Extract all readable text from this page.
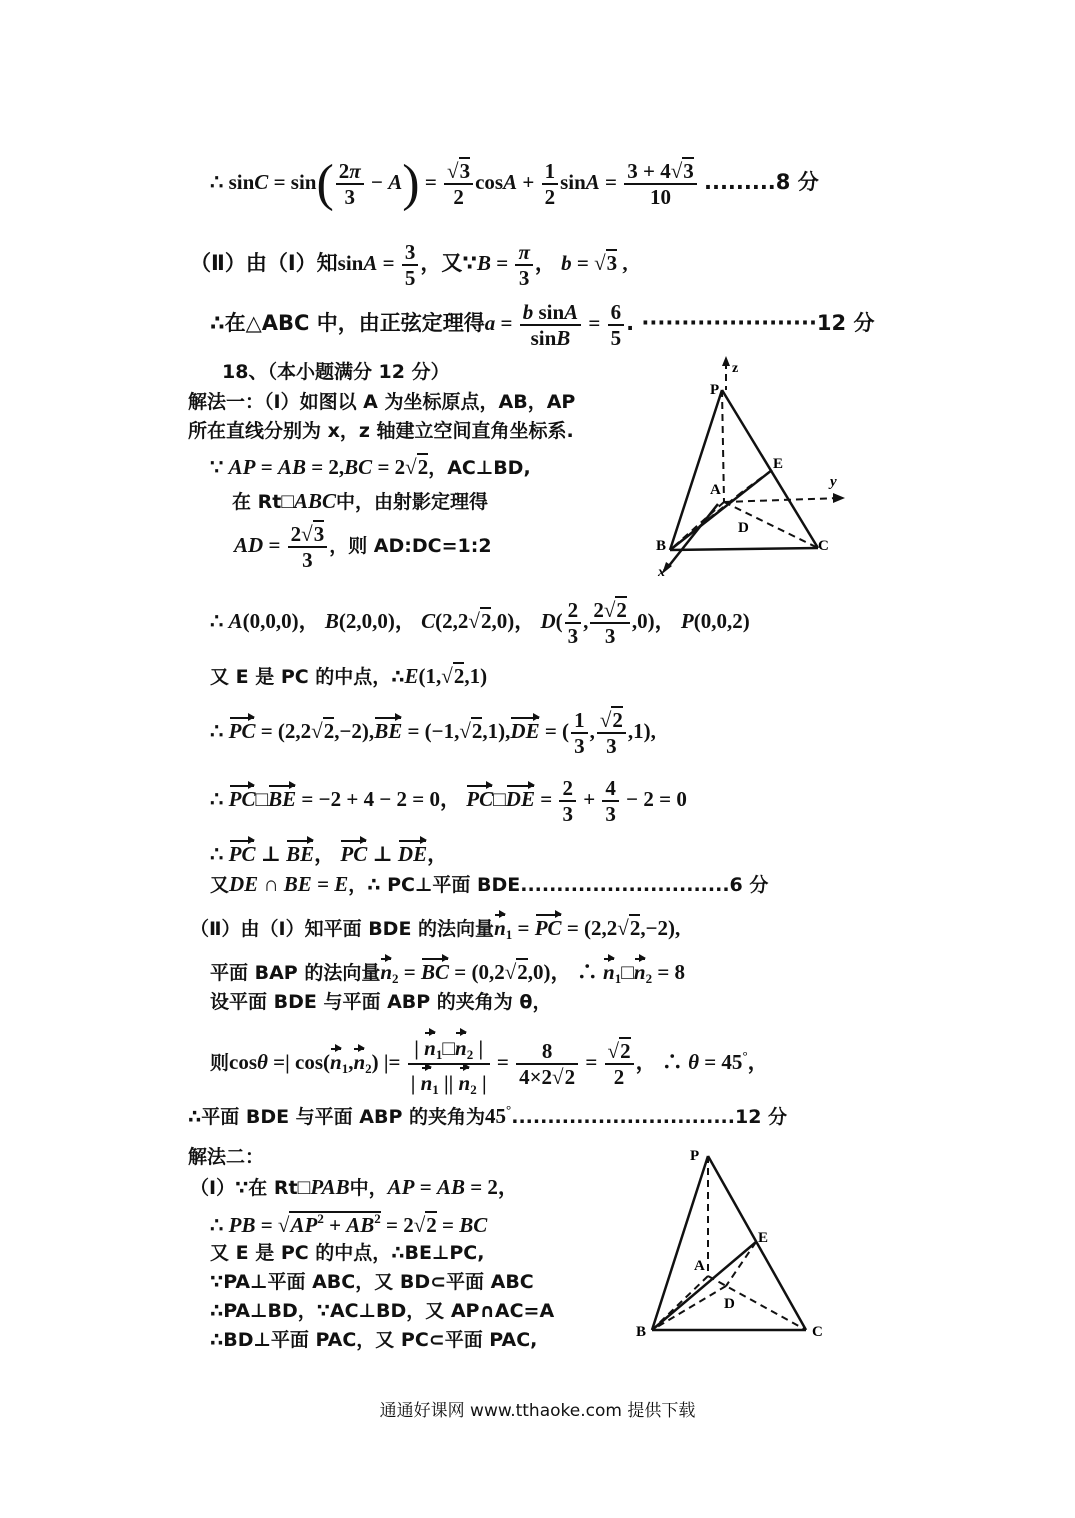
∴ $\sin C = \sin( \frac{2\pi}{3} - A) = \frac{√3}{2}$ $\cos A + \frac{1}{2}$ $\sin A = \frac{3 + 4√3}{10} .........8$ 分
（Ⅱ）由（Ⅰ）知$\sin A = \frac{3}{5}$ ，又∵B = $\frac{\pi}{3}$ ， b = √3 ,
∴在△ABC 中，由正弦定理得$a = \frac{\text{b sinA}}{\sin B} = \frac{6}{5}$ . ······················12 分
18、（本小题满分 12 分）
解法一：（Ⅰ）如图以 A 为坐标原点，AB，AP
所在直线分别为 x，z 轴建立空间直角坐标系.
∵ AP = AB = 2,BC = 2√2，AC⊥BD,
在 Rt□ABC中，由射影定理得
AD = $\frac{2√3}{3}$ ，则 AD:DC=1:2
P
z
E
A	y
D
B	C
x
∴ A(0,0,0)， B(2,0,0)， C(2,2√2,0)， $D( \frac{2}{3}$ , $\frac{2√2}{3} ,0$)， P(0,0,2)
又 E 是 PC 的中点，∴E(1,√2,1)
∴ PC = (2,2√2,−2),BE = (−1,√2,1),DE = ( $\frac{1}{3}$ , $\frac{√2}{3} ,1$),
∴ PC□BE = −2 + 4 − 2 = 0， PC□DE = $\frac{2}{3} + \frac{4}{3} - 2 = 0$
∴ PC ⊥ BE， PC ⊥ DE，
又DE ∩ BE = E，∴ PC⊥平面 BDE.............................6 分
（Ⅱ）由（Ⅰ）知平面 BDE 的法向量$n_1$ = PC = (2,2√2,−2),
平面 BAP 的法向量$n_2$ = BC = (0,2√2,0)， ∴ $n_1□n_2 = 8$
设平面 BDE 与平面 ABP 的夹角为 θ，
则cosθ =| $\cos(n_1,n_2)$ |= $\frac{| n_1□n_2 |}{| n_1 || n_2 |} = \frac{8}{4\times 2√2} = \frac{√2}{2}$ ， ∴ θ = 45°，
∴平面 BDE 与平面 ABP 的夹角为45°...............................12 分
解法二：
（Ⅰ）∵在 Rt□PAB中，AP = AB = 2，
∴ PB = $√AP^2 + AB^2 = 2√2$ = BC
又 E 是 PC 的中点，∴BE⊥PC,
∵PA⊥平面 ABC，又 BD⊂平面 ABC
∴PA⊥BD，∵AC⊥BD，又 AP∩AC=A
∴BD⊥平面 PAC，又 PC⊂平面 PAC,
P
E
A
D
B	C
通通好课网 www.tthaoke.com 提供下载
